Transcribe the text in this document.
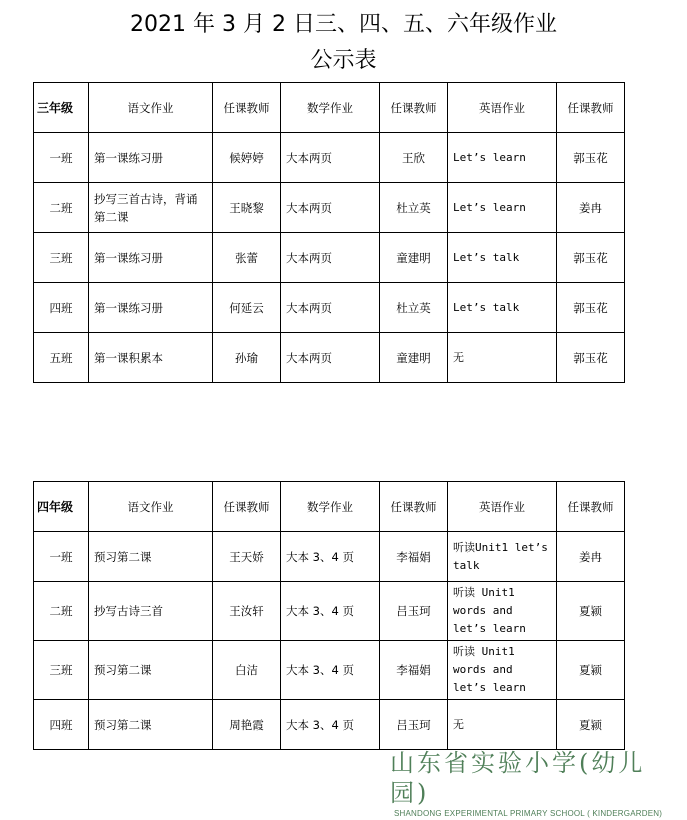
2021 年 3 月 2 日三、四、五、六年级作业
公示表
三年级	语文作业	任课教师	数学作业	任课教师	英语作业	任课教师
一班	第一课练习册	候婷婷	大本两页	王欣	Let’s learn	郭玉花
二班	抄写三首古诗，背诵第二课	王晓黎	大本两页	杜立英	Let’s learn	姜冉
三班	第一课练习册	张蕾	大本两页	童建明	Let’s talk	郭玉花
四班	第一课练习册	何延云	大本两页	杜立英	Let’s talk	郭玉花
五班	第一课积累本	孙瑜	大本两页	童建明	无	郭玉花
四年级	语文作业	任课教师	数学作业	任课教师	英语作业	任课教师
一班	预习第二课	王天娇	大本 3、4 页	李福娟	听读Unit1 let’s talk	姜冉
二班	抄写古诗三首	王汝轩	大本 3、4 页	吕玉珂	听读 Unit1 words and let’s learn	夏颍
三班	预习第二课	白洁	大本 3、4 页	李福娟	听读 Unit1 words and let’s learn	夏颍
四班	预习第二课	周艳霞	大本 3、4 页	吕玉珂	无	夏颍
山东省实验小学(幼儿园)
SHANDONG EXPERIMENTAL PRIMARY SCHOOL ( KINDERGARDEN)
